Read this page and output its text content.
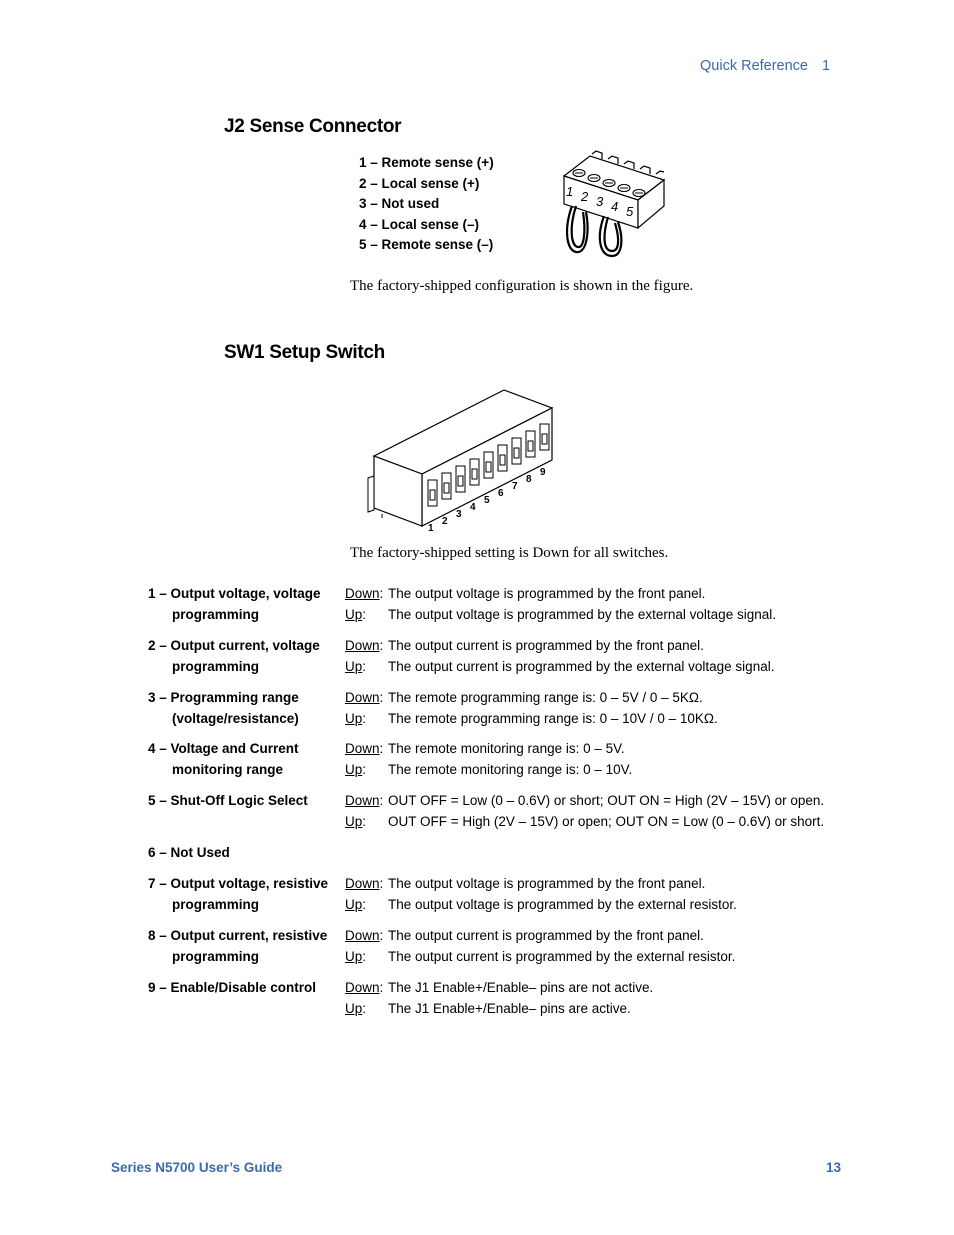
Quick Reference 1
J2 Sense Connector
1 – Remote sense (+)
2 – Local sense (+)
3 – Not used
4 – Local sense (–)
5 – Remote sense (–)
1 2 3 4 5
The factory-shipped configuration is shown in the figure.
SW1 Setup Switch
1
2
3
4
5
6
7
8
9
The factory-shipped setting is Down for all switches.
1 – Output voltage, voltage
programming
Down: The output voltage is programmed by the front panel.
Up: The output voltage is programmed by the external voltage signal.
2 – Output current, voltage
programming
Down: The output current is programmed by the front panel.
Up: The output current is programmed by the external voltage signal.
3 – Programming range
(voltage/resistance)
Down: The remote programming range is: 0 – 5V / 0 – 5KΩ.
Up: The remote programming range is: 0 – 10V / 0 – 10KΩ.
4 – Voltage and Current
monitoring range
Down: The remote monitoring range is: 0 – 5V.
Up: The remote monitoring range is: 0 – 10V.
5 – Shut-Off Logic Select	Down: OUT OFF = Low (0 – 0.6V) or short; OUT ON = High (2V – 15V) or open.
Up: OUT OFF = High (2V – 15V) or open; OUT ON = Low (0 – 0.6V) or short.
6 – Not Used
7 – Output voltage, resistive
programming
Down: The output voltage is programmed by the front panel.
Up: The output voltage is programmed by the external resistor.
8 – Output current, resistive
programming
Down: The output current is programmed by the front panel.
Up: The output current is programmed by the external resistor.
9 – Enable/Disable control	Down: The J1 Enable+/Enable– pins are not active.
Up: The J1 Enable+/Enable– pins are active.
Series N5700 User’s Guide	13
